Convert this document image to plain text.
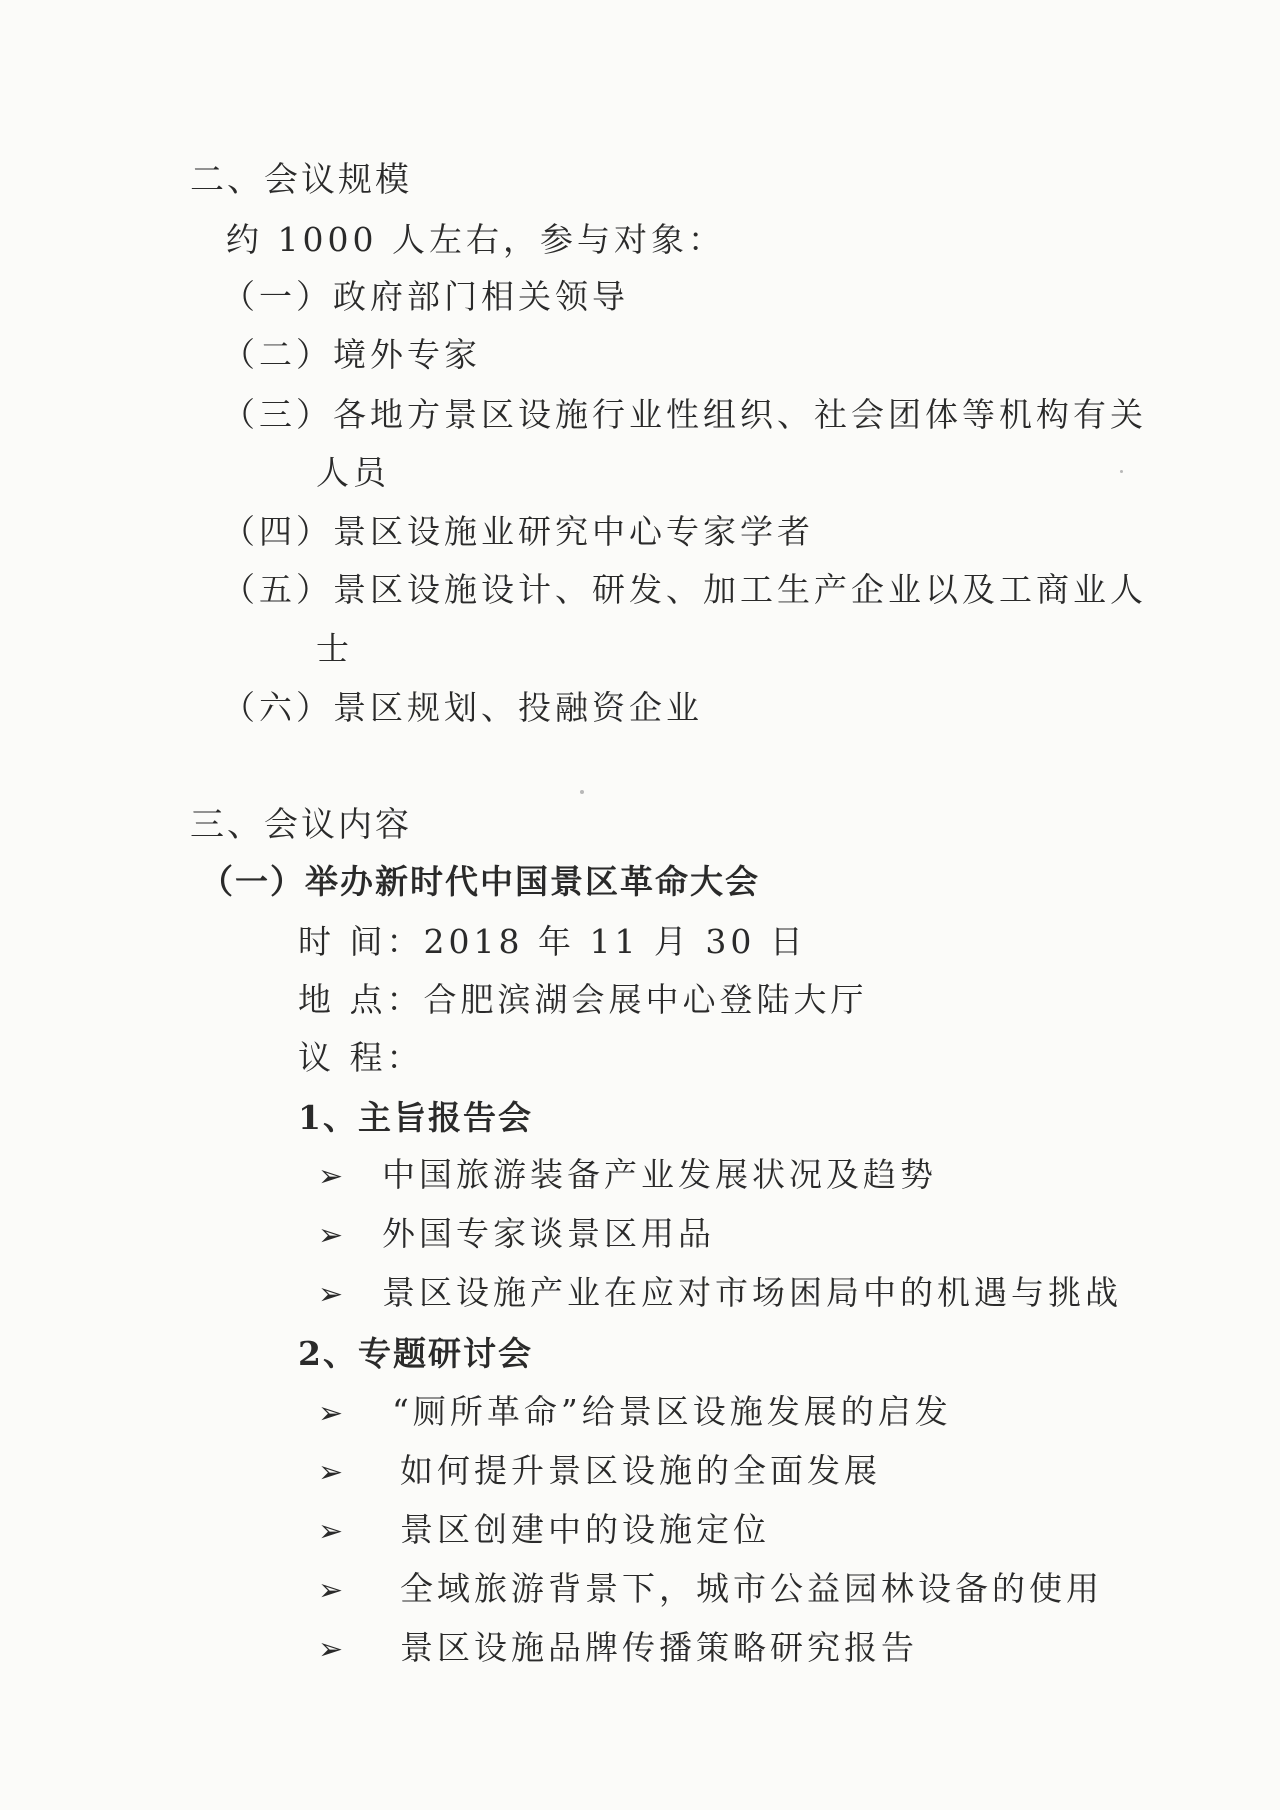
二、会议规模
约 1000 人左右，参与对象：
（一）政府部门相关领导
（二）境外专家
（三）各地方景区设施行业性组织、社会团体等机构有关
人员
（四）景区设施业研究中心专家学者
（五）景区设施设计、研发、加工生产企业以及工商业人
士
（六）景区规划、投融资企业
三、会议内容
（一）举办新时代中国景区革命大会
时 间：2018 年 11 月 30 日
地 点：合肥滨湖会展中心登陆大厅
议 程：
1、主旨报告会
➢ 中国旅游装备产业发展状况及趋势
➢ 外国专家谈景区用品
➢ 景区设施产业在应对市场困局中的机遇与挑战
2、专题研讨会
➢ “厕所革命”给景区设施发展的启发
➢ 如何提升景区设施的全面发展
➢ 景区创建中的设施定位
➢ 全域旅游背景下，城市公益园林设备的使用
➢ 景区设施品牌传播策略研究报告
